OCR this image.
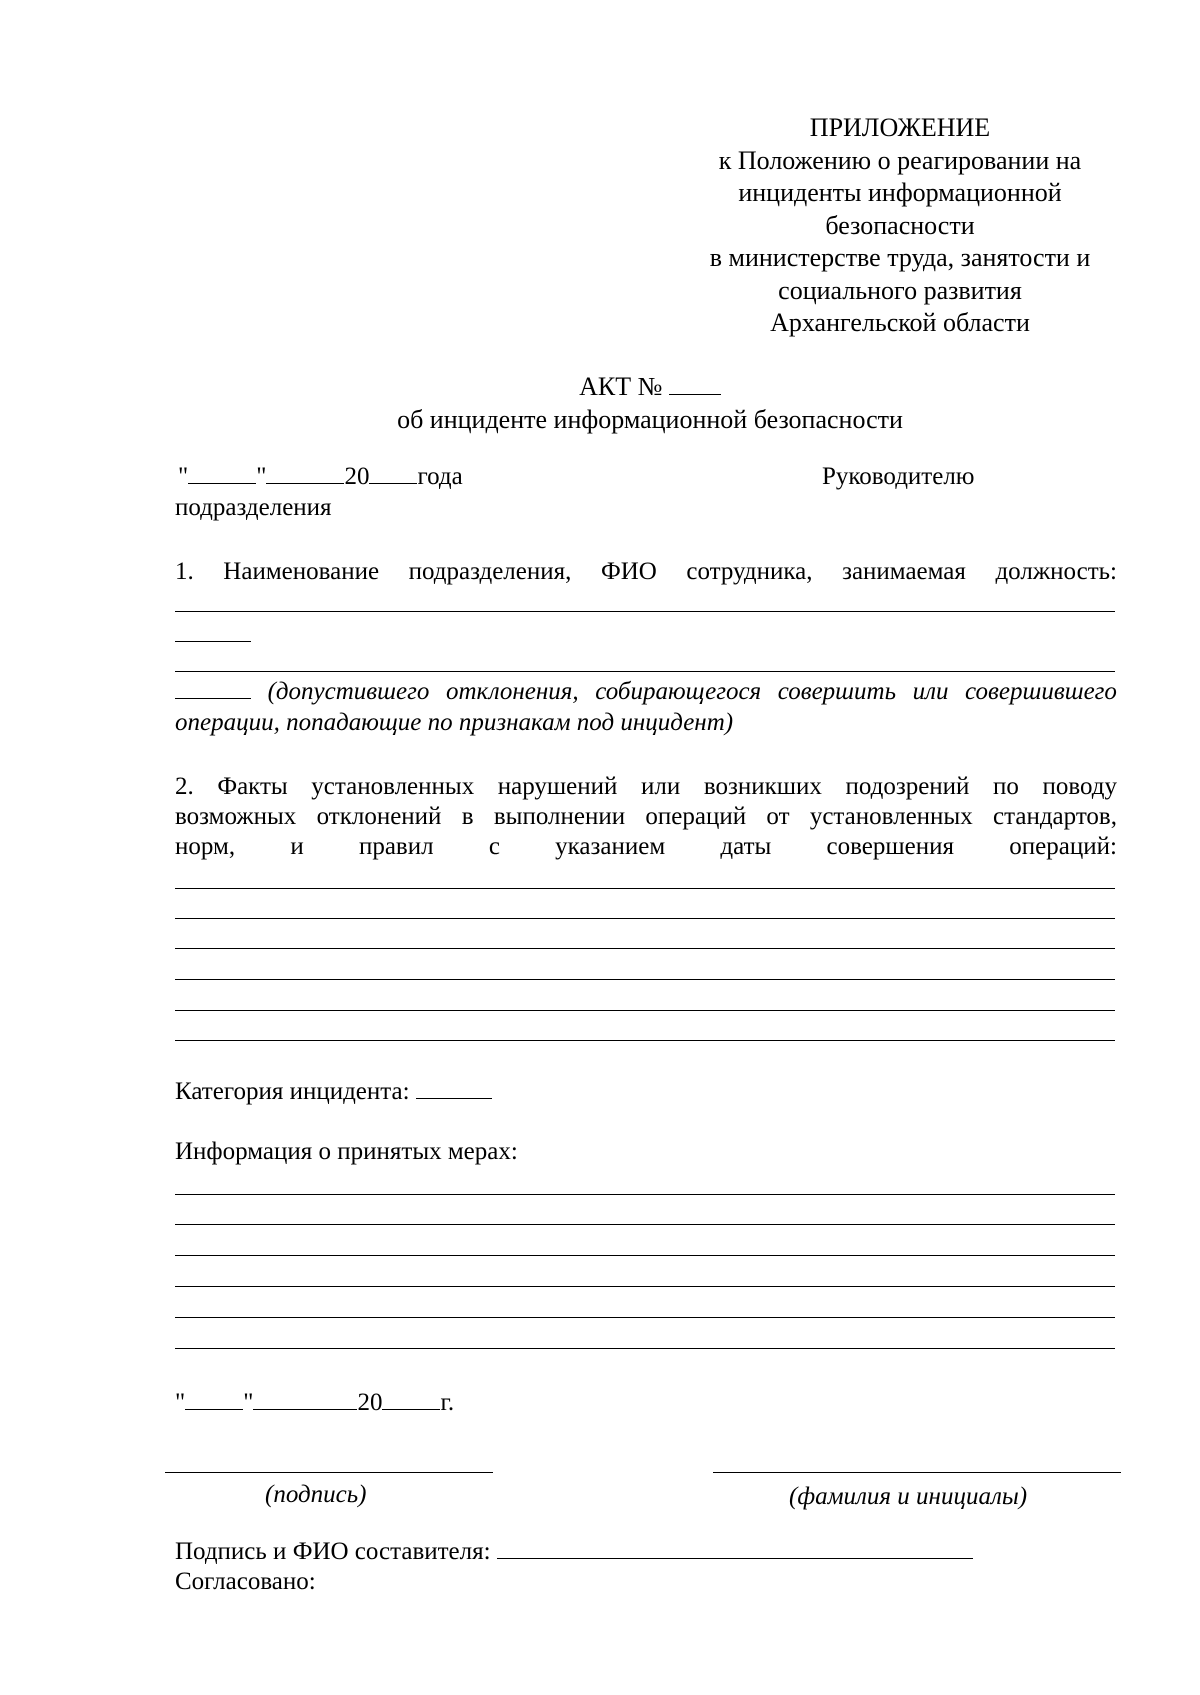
ПРИЛОЖЕНИЕ
к Положению о реагировании на
инциденты информационной
безопасности
в министерстве труда, занятости и
социального развития
Архангельской области
АКТ №
об инциденте информационной безопасности
"	"	20 года	Руководителю
подразделения
1. Наименование подразделения, ФИО сотрудника, занимаемая должность:
(допустившего отклонения, собирающегося совершить или совершившего
операции, попадающие по признакам под инцидент)
2. Факты установленных нарушений или возникших подозрений по поводу
возможных отклонений в выполнении операций от установленных стандартов,
норм, и правил с указанием даты совершения операций:
Категория инцидента:
Информация о принятых мерах:
" "	20 г.
(подпись)	(фамилия и инициалы)
Подпись и ФИО составителя:
Согласовано:
